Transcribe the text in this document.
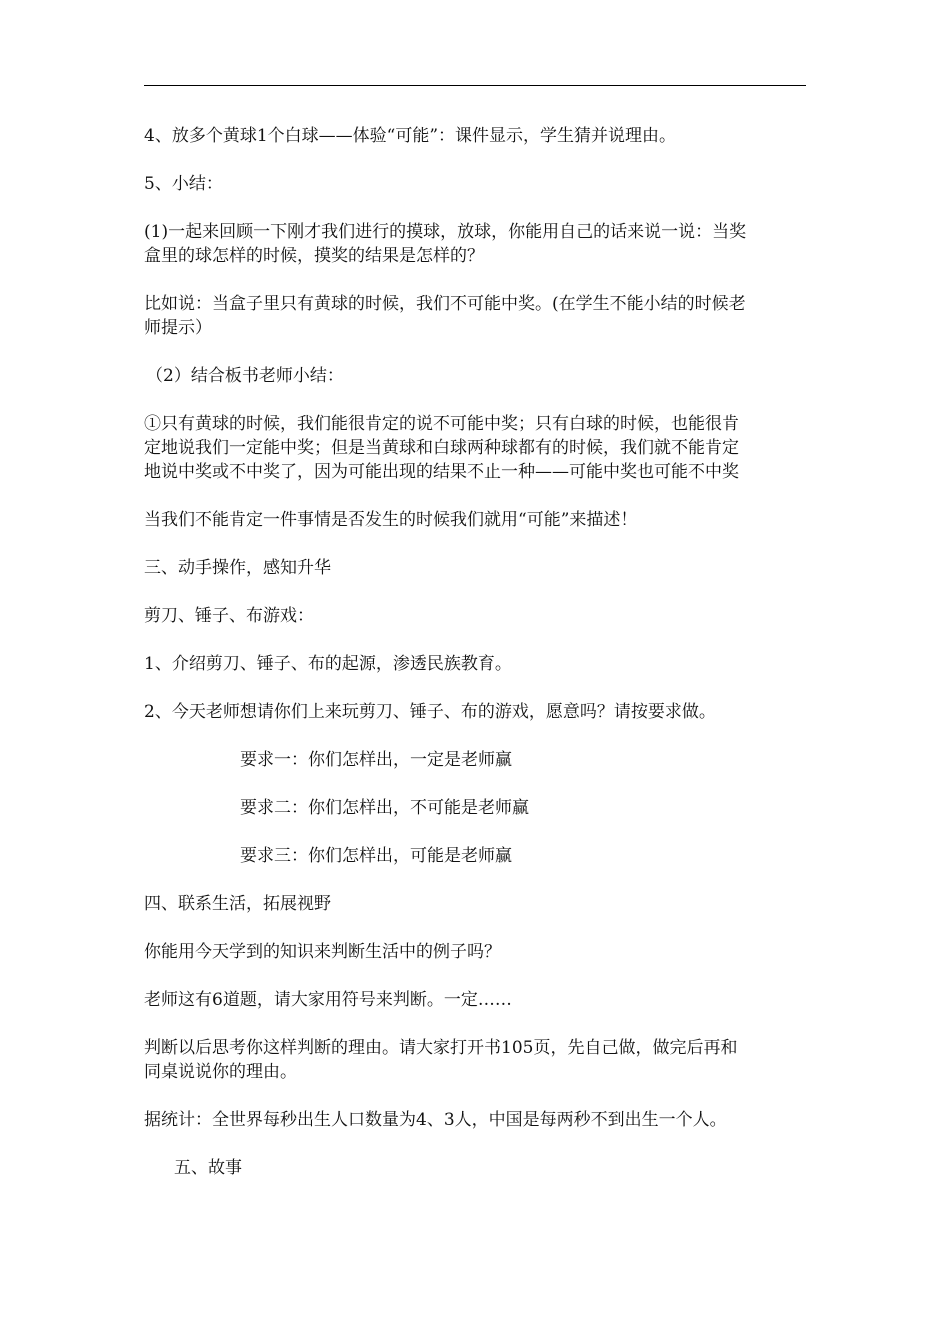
4、放多个黄球1个白球——体验“可能”：课件显示，学生猜并说理由。
5、小结：
(1)一起来回顾一下刚才我们进行的摸球，放球，你能用自己的话来说一说：当奖
盒里的球怎样的时候，摸奖的结果是怎样的？
比如说：当盒子里只有黄球的时候，我们不可能中奖。(在学生不能小结的时候老
师提示）
（2）结合板书老师小结：
①只有黄球的时候，我们能很肯定的说不可能中奖；只有白球的时候，也能很肯
定地说我们一定能中奖；但是当黄球和白球两种球都有的时候，我们就不能肯定
地说中奖或不中奖了，因为可能出现的结果不止一种——可能中奖也可能不中奖
当我们不能肯定一件事情是否发生的时候我们就用“可能”来描述！
三、动手操作，感知升华
剪刀、锤子、布游戏：
1、介绍剪刀、锤子、布的起源，渗透民族教育。
2、今天老师想请你们上来玩剪刀、锤子、布的游戏，愿意吗？请按要求做。
要求一：你们怎样出，一定是老师赢
要求二：你们怎样出，不可能是老师赢
要求三：你们怎样出，可能是老师赢
四、联系生活，拓展视野
你能用今天学到的知识来判断生活中的例子吗？
老师这有6道题，请大家用符号来判断。一定……
判断以后思考你这样判断的理由。请大家打开书105页，先自己做，做完后再和
同桌说说你的理由。
据统计：全世界每秒出生人口数量为4、3人，中国是每两秒不到出生一个人。
五、故事
